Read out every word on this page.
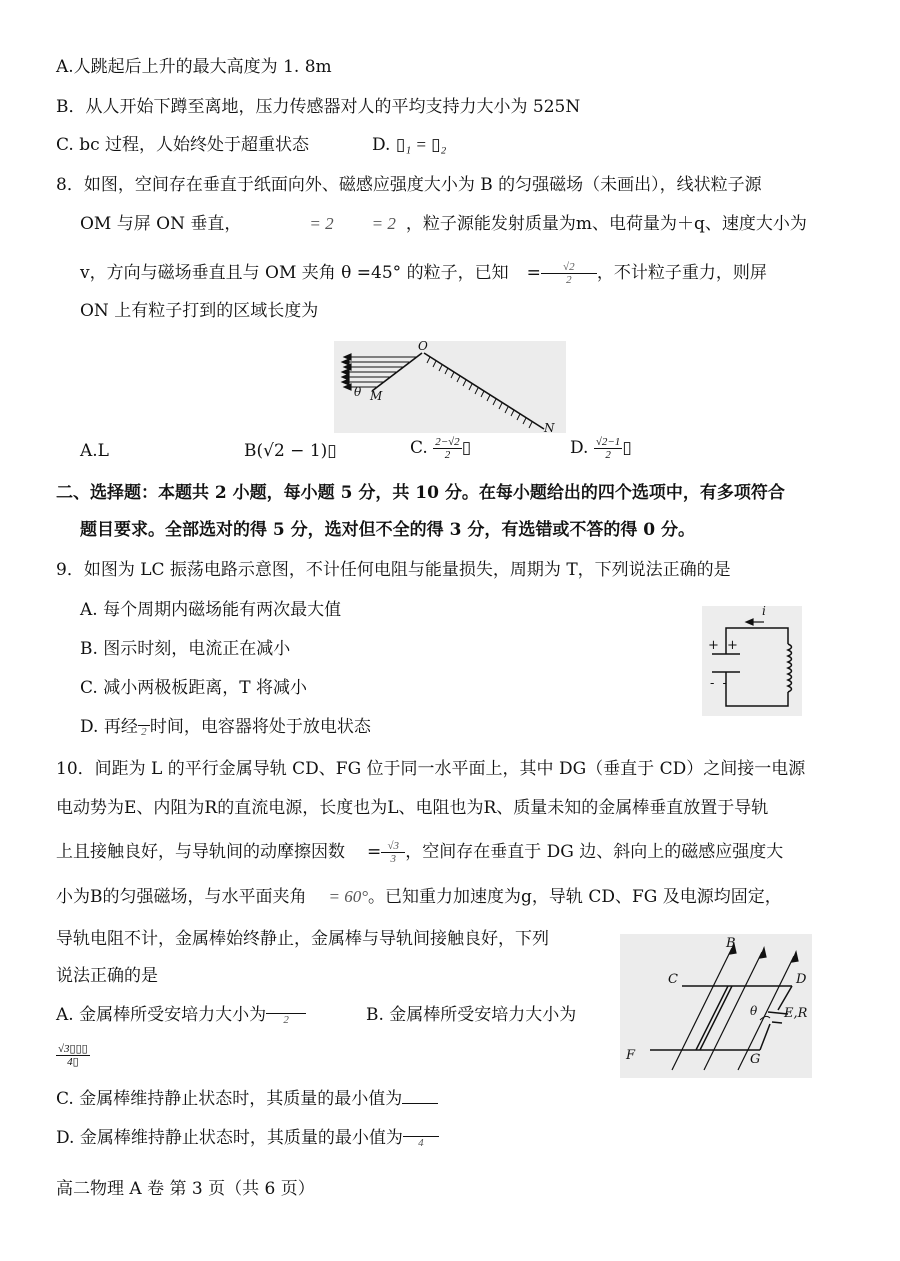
A.人跳起后上升的最大高度为 1. 8m
B．从人开始下蹲至离地，压力传感器对人的平均支持力大小为 525N
C. bc 过程，人始终处于超重状态	D. ▯₁ = ▯₂
8．如图，空间存在垂直于纸面向外、磁感应强度大小为 B 的匀强磁场（未画出），线状粒子源
OM 与屏 ON 垂直，	= 2 = 2 ，粒子源能发射质量为m、电荷量为＋q、速度大小为
v，方向与磁场垂直且与 OM 夹角 θ =45° 的粒子，已知 = $\frac{√2}{2}$ ，不计粒子重力，则屏
ON 上有粒子打到的区域长度为
O
M
θ
N
A.L	B(√2 − 1)▯	C. $\frac{2-√2}{2}$ ▯	D. $\frac{√2-1}{2}$ ▯
二、选择题：本题共 2 小题，每小题 5 分，共 10 分。在每小题给出的四个选项中，有多项符合
题目要求。全部选对的得 5 分，选对但不全的得 3 分，有选错或不答的得 0 分。
9．如图为 LC 振荡电路示意图，不计任何电阻与能量损失，周期为 T，下列说法正确的是
A. 每个周期内磁场能有两次最大值
B. 图示时刻，电流正在减小
C. 减小两极板距离，T 将减小
D. 再经 2 时间，电容器将处于放电状态
i
+ +
- -
10．间距为 L 的平行金属导轨 CD、FG 位于同一水平面上，其中 DG（垂直于 CD）之间接一电源
电动势为E、内阻为R的直流电源，长度也为L、电阻也为R、质量未知的金属棒垂直放置于导轨
上且接触良好，与导轨间的动摩擦因数 = $\frac{√3}{3}$ ，空间存在垂直于 DG 边、斜向上的磁感应强度大
小为B的匀强磁场，与水平面夹角 = 60°。已知重力加速度为g，导轨 CD、FG 及电源均固定，
导轨电阻不计，金属棒始终静止，金属棒与导轨间接触良好，下列
说法正确的是
A. 金属棒所受安培力大小为	2	B. 金属棒所受安培力大小为
$\frac{√3▯▯▯}{4▯}$
C. 金属棒维持静止状态时，其质量的最小值为
D. 金属棒维持静止状态时，其质量的最小值为	4
B
C	D
F	G
θ E,R
高二物理 A 卷 第 3 页（共 6 页）
